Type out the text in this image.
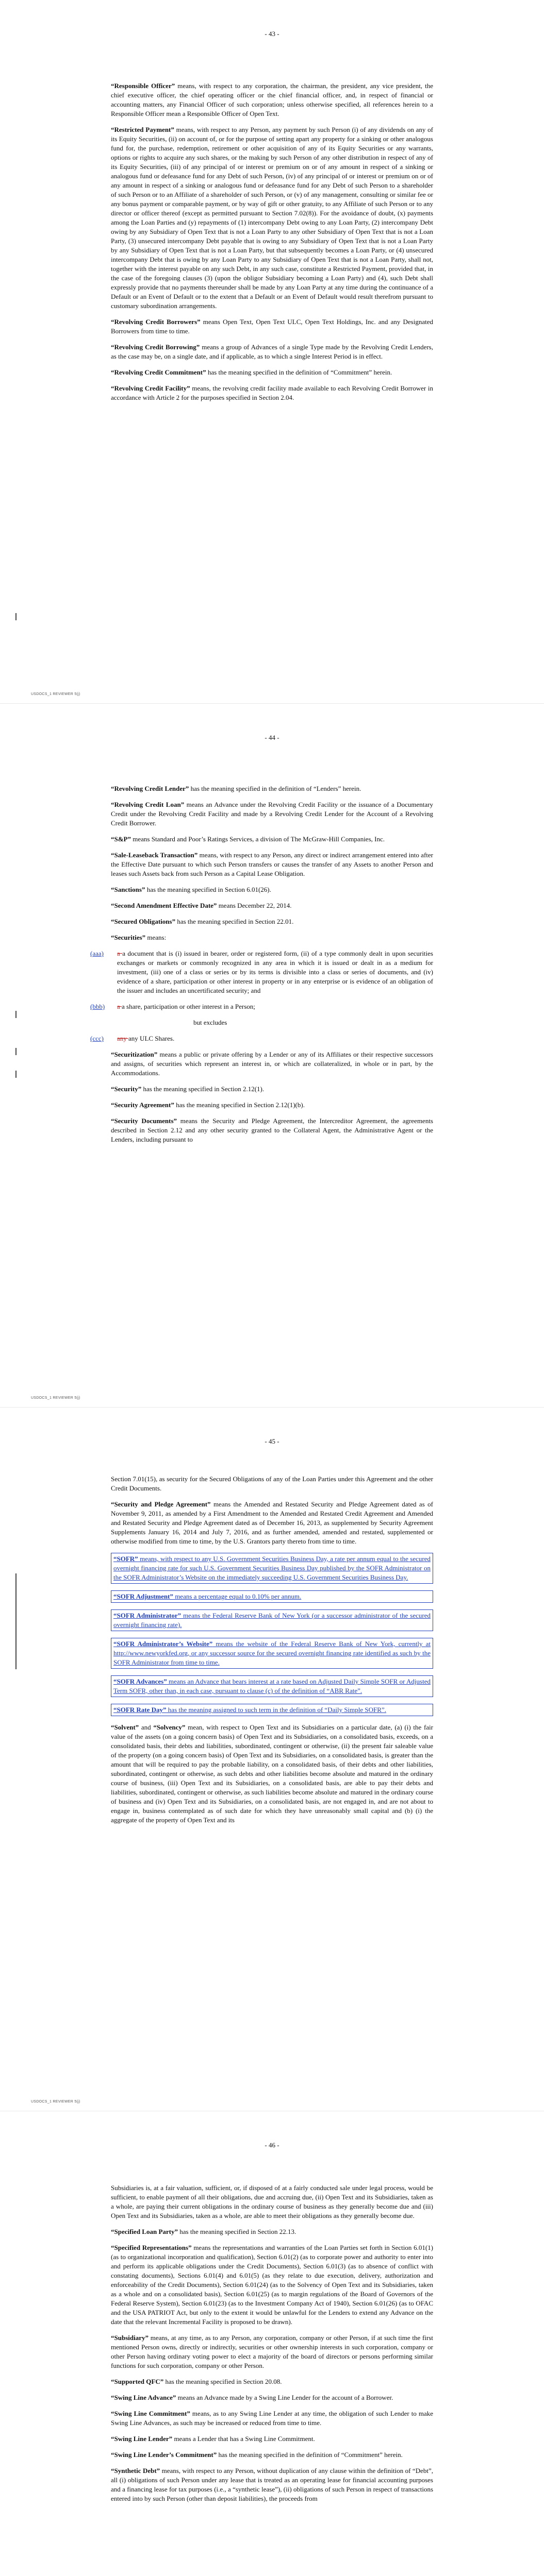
- 43 -

“Responsible Officer” means, with respect to any corporation, the chairman, the president, any vice president, the chief executive officer, the chief operating officer or the chief financial officer, and, in respect of financial or accounting matters, any Financial Officer of such corporation; unless otherwise specified, all references herein to a Responsible Officer mean a Responsible Officer of Open Text.

“Restricted Payment” means, with respect to any Person, any payment by such Person (i) of any dividends on any of its Equity Securities, (ii) on account of, or for the purpose of setting apart any property for a sinking or other analogous fund for, the purchase, redemption, retirement or other acquisition of any of its Equity Securities or any warrants, options or rights to acquire any such shares, or the making by such Person of any other distribution in respect of any of its Equity Securities, (iii) of any principal of or interest or premium on or of any amount in respect of a sinking or analogous fund or defeasance fund for any Debt of such Person, (iv) of any principal of or interest or premium on or of any amount in respect of a sinking or analogous fund or defeasance fund for any Debt of such Person to a shareholder of such Person or to an Affiliate of a shareholder of such Person, or (v) of any management, consulting or similar fee or any bonus payment or comparable payment, or by way of gift or other gratuity, to any Affiliate of such Person or to any director or officer thereof (except as permitted pursuant to Section 7.02(8)). For the avoidance of doubt, (x) payments among the Loan Parties and (y) repayments of (1) intercompany Debt owing to any Loan Party, (2) intercompany Debt owing by any Subsidiary of Open Text that is not a Loan Party to any other Subsidiary of Open Text that is not a Loan Party, (3) unsecured intercompany Debt payable that is owing to any Subsidiary of Open Text that is not a Loan Party by any Subsidiary of Open Text that is not a Loan Party, but that subsequently becomes a Loan Party, or (4) unsecured intercompany Debt that is owing by any Loan Party to any Subsidiary of Open Text that is not a Loan Party, shall not, together with the interest payable on any such Debt, in any such case, constitute a Restricted Payment, provided that, in the case of the foregoing clauses (3) (upon the obligor Subsidiary becoming a Loan Party) and (4), such Debt shall expressly provide that no payments thereunder shall be made by any Loan Party at any time during the continuance of a Default or an Event of Default or to the extent that a Default or an Event of Default would result therefrom pursuant to customary subordination arrangements.

“Revolving Credit Borrowers” means Open Text, Open Text ULC, Open Text Holdings, Inc. and any Designated Borrowers from time to time.

“Revolving Credit Borrowing” means a group of Advances of a single Type made by the Revolving Credit Lenders, as the case may be, on a single date, and if applicable, as to which a single Interest Period is in effect.

“Revolving Credit Commitment” has the meaning specified in the definition of “Commitment” herein.

“Revolving Credit Facility” means, the revolving credit facility made available to each Revolving Credit Borrower in accordance with Article 2 for the purposes specified in Section 2.04.

USDOCS_1 REVIEWER 5(j)
- 44 -

“Revolving Credit Lender” has the meaning specified in the definition of “Lenders” herein.

“Revolving Credit Loan” means an Advance under the Revolving Credit Facility or the issuance of a Documentary Credit under the Revolving Credit Facility and made by a Revolving Credit Lender for the Account of a Revolving Credit Borrower.

“S&P” means Standard and Poor’s Ratings Services, a division of The McGraw-Hill Companies, Inc.

“Sale-Leaseback Transaction” means, with respect to any Person, any direct or indirect arrangement entered into after the Effective Date pursuant to which such Person transfers or causes the transfer of any Assets to another Person and leases such Assets back from such Person as a Capital Lease Obligation.

“Sanctions” has the meaning specified in Section 6.01(26).

“Second Amendment Effective Date” means December 22, 2014.

“Secured Obligations” has the meaning specified in Section 22.01.

“Securities” means:

(aaa)	a a document that is (i) issued in bearer, order or registered form, (ii) of a type commonly dealt in upon securities exchanges or markets or commonly recognized in any area in which it is issued or dealt in as a medium for investment, (iii) one of a class or series or by its terms is divisible into a class or series of documents, and (iv) evidence of a share, participation or other interest in property or in any enterprise or is evidence of an obligation of the issuer and includes an uncertificated security; and

(bbb)	a a share, participation or other interest in a Person;

but excludes

(ccc)	any any ULC Shares.

“Securitization” means a public or private offering by a Lender or any of its Affiliates or their respective successors and assigns, of securities which represent an interest in, or which are collateralized, in whole or in part, by the Accommodations.

“Security” has the meaning specified in Section 2.12(1).

“Security Agreement” has the meaning specified in Section 2.12(1)(b).

“Security Documents” means the Security and Pledge Agreement, the Intercreditor Agreement, the agreements described in Section 2.12 and any other security granted to the Collateral Agent, the Administrative Agent or the Lenders, including pursuant to

USDOCS_1 REVIEWER 5(j)
- 45 -

Section 7.01(15), as security for the Secured Obligations of any of the Loan Parties under this Agreement and the other Credit Documents.

“Security and Pledge Agreement” means the Amended and Restated Security and Pledge Agreement dated as of November 9, 2011, as amended by a First Amendment to the Amended and Restated Credit Agreement and Amended and Restated Security and Pledge Agreement dated as of December 16, 2013, as supplemented by Security Agreement Supplements January 16, 2014 and July 7, 2016, and as further amended, amended and restated, supplemented or otherwise modified from time to time, by the U.S. Grantors party thereto from time to time.

“SOFR” means, with respect to any U.S. Government Securities Business Day, a rate per annum equal to the secured overnight financing rate for such U.S. Government Securities Business Day published by the SOFR Administrator on the SOFR Administrator’s Website on the immediately succeeding U.S. Government Securities Business Day.

“SOFR Adjustment” means a percentage equal to 0.10% per annum.

“SOFR Administrator” means the Federal Reserve Bank of New York (or a successor administrator of the secured overnight financing rate).

“SOFR Administrator’s Website” means the website of the Federal Reserve Bank of New York, currently at http://www.newyorkfed.org, or any successor source for the secured overnight financing rate identified as such by the SOFR Administrator from time to time.

“SOFR Advances” means an Advance that bears interest at a rate based on Adjusted Daily Simple SOFR or Adjusted Term SOFR, other than, in each case, pursuant to clause (c) of the definition of “ABR Rate”.

“SOFR Rate Day” has the meaning assigned to such term in the definition of “Daily Simple SOFR”.

“Solvent” and “Solvency” mean, with respect to Open Text and its Subsidiaries on a particular date, (a) (i) the fair value of the assets (on a going concern basis) of Open Text and its Subsidiaries, on a consolidated basis, exceeds, on a consolidated basis, their debts and liabilities, subordinated, contingent or otherwise, (ii) the present fair saleable value of the property (on a going concern basis) of Open Text and its Subsidiaries, on a consolidated basis, is greater than the amount that will be required to pay the probable liability, on a consolidated basis, of their debts and other liabilities, subordinated, contingent or otherwise, as such debts and other liabilities become absolute and matured in the ordinary course of business, (iii) Open Text and its Subsidiaries, on a consolidated basis, are able to pay their debts and liabilities, subordinated, contingent or otherwise, as such liabilities become absolute and matured in the ordinary course of business and (iv) Open Text and its Subsidiaries, on a consolidated basis, are not engaged in, and are not about to engage in, business contemplated as of such date for which they have unreasonably small capital and (b) (i) the aggregate of the property of Open Text and its

USDOCS_1 REVIEWER 5(j)
- 46 -

Subsidiaries is, at a fair valuation, sufficient, or, if disposed of at a fairly conducted sale under legal process, would be sufficient, to enable payment of all their obligations, due and accruing due, (ii) Open Text and its Subsidiaries, taken as a whole, are paying their current obligations in the ordinary course of business as they generally become due and (iii) Open Text and its Subsidiaries, taken as a whole, are able to meet their obligations as they generally become due.

“Specified Loan Party” has the meaning specified in Section 22.13.

“Specified Representations” means the representations and warranties of the Loan Parties set forth in Section 6.01(1) (as to organizational incorporation and qualification), Section 6.01(2) (as to corporate power and authority to enter into and perform its applicable obligations under the Credit Documents), Section 6.01(3) (as to absence of conflict with constating documents), Sections 6.01(4) and 6.01(5) (as they relate to due execution, delivery, authorization and enforceability of the Credit Documents), Section 6.01(24) (as to the Solvency of Open Text and its Subsidiaries, taken as a whole and on a consolidated basis), Section 6.01(25) (as to margin regulations of the Board of Governors of the Federal Reserve System), Section 6.01(23) (as to the Investment Company Act of 1940), Section 6.01(26) (as to OFAC and the USA PATRIOT Act, but only to the extent it would be unlawful for the Lenders to extend any Advance on the date that the relevant Incremental Facility is proposed to be drawn).

“Subsidiary” means, at any time, as to any Person, any corporation, company or other Person, if at such time the first mentioned Person owns, directly or indirectly, securities or other ownership interests in such corporation, company or other Person having ordinary voting power to elect a majority of the board of directors or persons performing similar functions for such corporation, company or other Person.

“Supported QFC” has the meaning specified in Section 20.08.

“Swing Line Advance” means an Advance made by a Swing Line Lender for the account of a Borrower.

“Swing Line Commitment” means, as to any Swing Line Lender at any time, the obligation of such Lender to make Swing Line Advances, as such may be increased or reduced from time to time.

“Swing Line Lender” means a Lender that has a Swing Line Commitment.

“Swing Line Lender’s Commitment” has the meaning specified in the definition of “Commitment” herein.

“Synthetic Debt” means, with respect to any Person, without duplication of any clause within the definition of “Debt”, all (i) obligations of such Person under any lease that is treated as an operating lease for financial accounting purposes and a financing lease for tax purposes (i.e., a “synthetic lease”), (ii) obligations of such Person in respect of transactions entered into by such Person (other than deposit liabilities), the proceeds from
